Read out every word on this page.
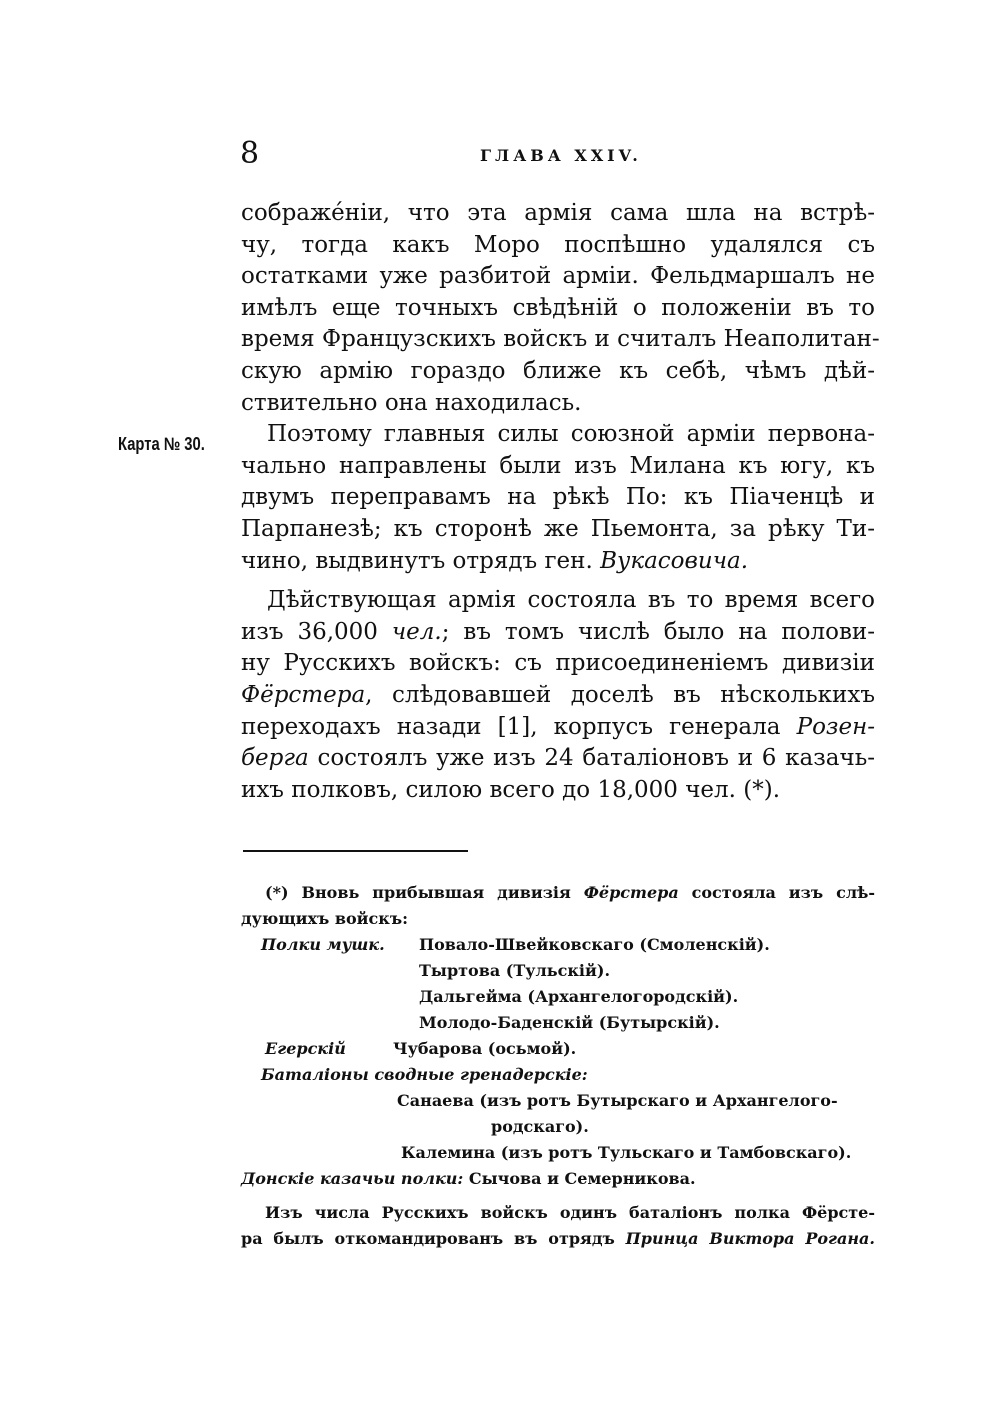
8	ГЛАВА XXIV.
Карта № 30.
сображе́ніи, что эта армія сама шла на встрѣ-
чу, тогда какъ Моро поспѣшно удалялся съ
остатками уже разбитой арміи. Фельдмаршалъ не
имѣлъ еще точныхъ свѣдѣній о положеніи въ то
время Французскихъ войскъ и считалъ Неаполитан-
скую армію гораздо ближе къ себѣ, чѣмъ дѣй-
ствительно она находилась.
Поэтому главныя силы союзной арміи первона-
чально направлены были изъ Милана къ югу, къ
двумъ переправамъ на рѣкѣ По: къ Піаченцѣ и
Парпанезѣ; къ сторонѣ же Пьемонта, за рѣку Ти-
чино, выдвинутъ отрядъ ген. Вукасовича.
Дѣйствующая армія состояла въ то время всего
изъ 36,000 чел.; въ томъ числѣ было на полови-
ну Русскихъ войскъ: съ присоединеніемъ дивизіи
Фёрстера, слѣдовавшей доселѣ въ нѣсколькихъ
переходахъ назади [1], корпусъ генерала Розен-
берга состоялъ уже изъ 24 баталіоновъ и 6 казачь-
ихъ полковъ, силою всего до 18,000 чел. (*).
(*) Вновь прибывшая дивизія Фёрстера состояла изъ слѣ-
дующихъ войскъ:
Полки мушк. Повало-Швейковскаго (Смоленскій).
Тыртова (Тульскій).
Дальгейма (Архангелогородскій).
Молодо-Баденскій (Бутырскій).
Егерскій	Чубарова (осьмой).
Баталіоны сводные гренадерскіе:
Санаева (изъ ротъ Бутырскаго и Архангелого-
родскаго).
Калемина (изъ ротъ Тульскаго и Тамбовскаго).
Донскіе казачьи полки: Сычова и Семерникова.
Изъ числа Русскихъ войскъ одинъ баталіонъ полка Фёрсте-
ра былъ откомандированъ въ отрядъ Принца Виктора Рогана.
